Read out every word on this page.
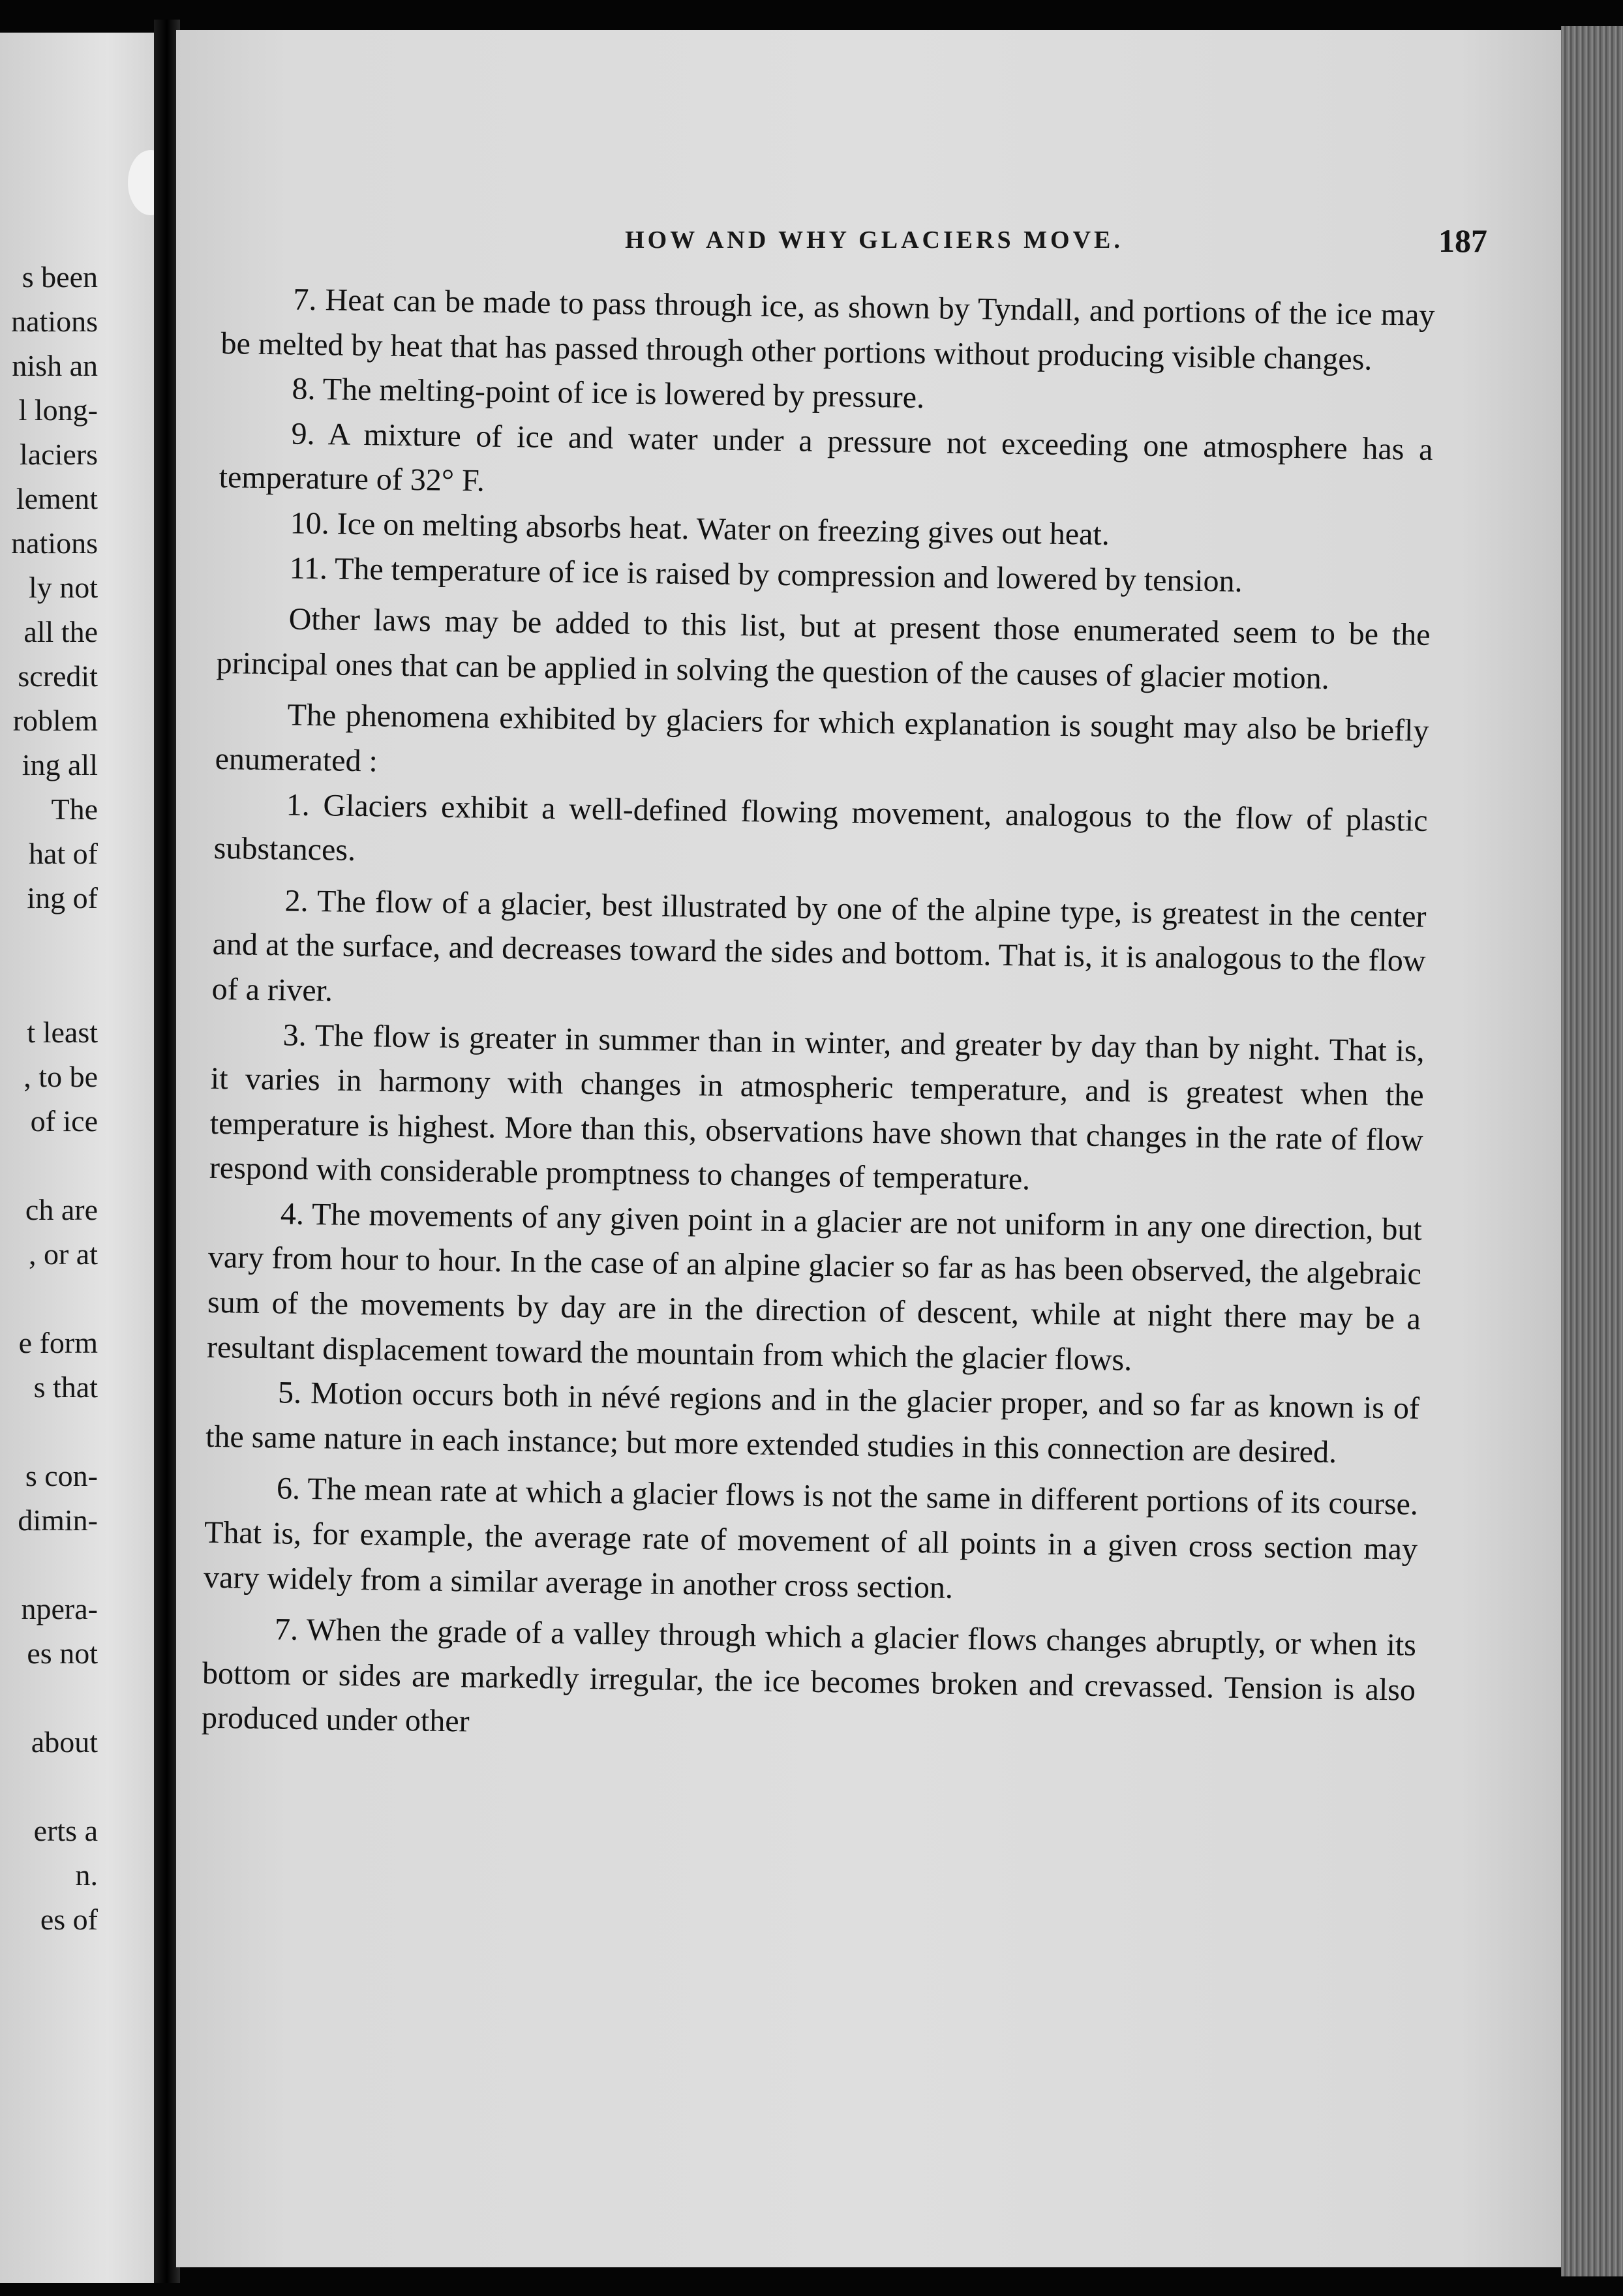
s been
nations
nish an
l long-
laciers
lement
nations
ly not
all the
scredit
roblem
ing all
The
hat of
ing of
t least
, to be
of ice
ch are
, or at
e form
s that
s con-
dimin-
npera-
es not
about
erts a
n.
es of
HOW AND WHY GLACIERS MOVE.	187

7. Heat can be made to pass through ice, as shown by Tyndall, and portions of the ice may be melted by heat that has passed through other portions without producing visible changes.

8. The melting-point of ice is lowered by pressure.

9. A mixture of ice and water under a pressure not exceeding one atmosphere has a temperature of 32° F.

10. Ice on melting absorbs heat. Water on freezing gives out heat.

11. The temperature of ice is raised by compression and lowered by tension.

Other laws may be added to this list, but at present those enumerated seem to be the principal ones that can be applied in solving the question of the causes of glacier motion.

The phenomena exhibited by glaciers for which explanation is sought may also be briefly enumerated :

1. Glaciers exhibit a well-defined flowing movement, analogous to the flow of plastic substances.

2. The flow of a glacier, best illustrated by one of the alpine type, is greatest in the center and at the surface, and decreases toward the sides and bottom. That is, it is analogous to the flow of a river.

3. The flow is greater in summer than in winter, and greater by day than by night. That is, it varies in harmony with changes in atmospheric temperature, and is greatest when the temperature is highest. More than this, observations have shown that changes in the rate of flow respond with considerable promptness to changes of temperature.

4. The movements of any given point in a glacier are not uniform in any one direction, but vary from hour to hour. In the case of an alpine glacier so far as has been observed, the algebraic sum of the movements by day are in the direction of descent, while at night there may be a resultant displacement toward the mountain from which the glacier flows.

5. Motion occurs both in névé regions and in the glacier proper, and so far as known is of the same nature in each instance; but more extended studies in this connection are desired.

6. The mean rate at which a glacier flows is not the same in different portions of its course. That is, for example, the average rate of movement of all points in a given cross section may vary widely from a similar average in another cross section.

7. When the grade of a valley through which a glacier flows changes abruptly, or when its bottom or sides are markedly irregular, the ice becomes broken and crevassed. Tension is also produced under other
